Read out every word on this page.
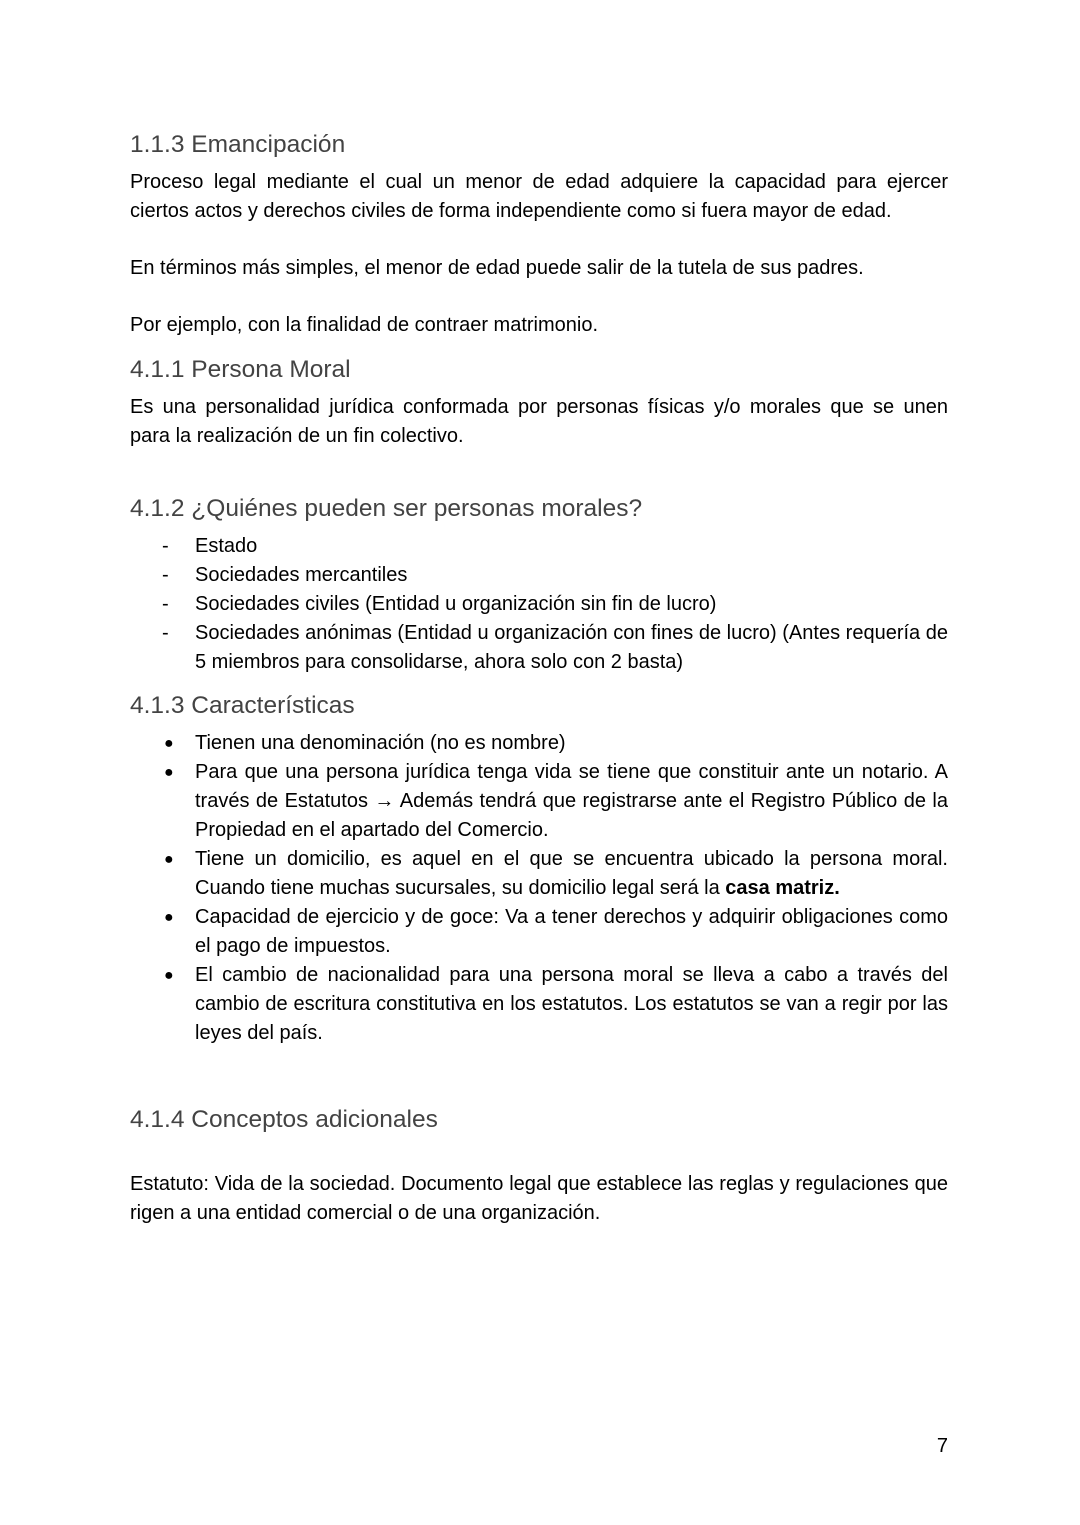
1.1.3 Emancipación

Proceso legal mediante el cual un menor de edad adquiere la capacidad para ejercer ciertos actos y derechos civiles de forma independiente como si fuera mayor de edad.

En términos más simples, el menor de edad puede salir de la tutela de sus padres.

Por ejemplo, con la finalidad de contraer matrimonio.

4.1.1 Persona Moral

Es una personalidad jurídica conformada por personas físicas y/o morales que se unen para la realización de un fin colectivo.

4.1.2 ¿Quiénes pueden ser personas morales?
- Estado
- Sociedades mercantiles
- Sociedades civiles (Entidad u organización sin fin de lucro)
- Sociedades anónimas (Entidad u organización con fines de lucro) (Antes requería de 5 miembros para consolidarse, ahora solo con 2 basta)
4.1.3 Características
● Tienen una denominación (no es nombre)
● Para que una persona jurídica tenga vida se tiene que constituir ante un notario. A través de Estatutos → Además tendrá que registrarse ante el Registro Público de la Propiedad en el apartado del Comercio.
● Tiene un domicilio, es aquel en el que se encuentra ubicado la persona moral. Cuando tiene muchas sucursales, su domicilio legal será la casa matriz.
● Capacidad de ejercicio y de goce: Va a tener derechos y adquirir obligaciones como el pago de impuestos.
● El cambio de nacionalidad para una persona moral se lleva a cabo a través del cambio de escritura constitutiva en los estatutos. Los estatutos se van a regir por las leyes del país.
4.1.4 Conceptos adicionales

Estatuto: Vida de la sociedad. Documento legal que establece las reglas y regulaciones que rigen a una entidad comercial o de una organización.

7
